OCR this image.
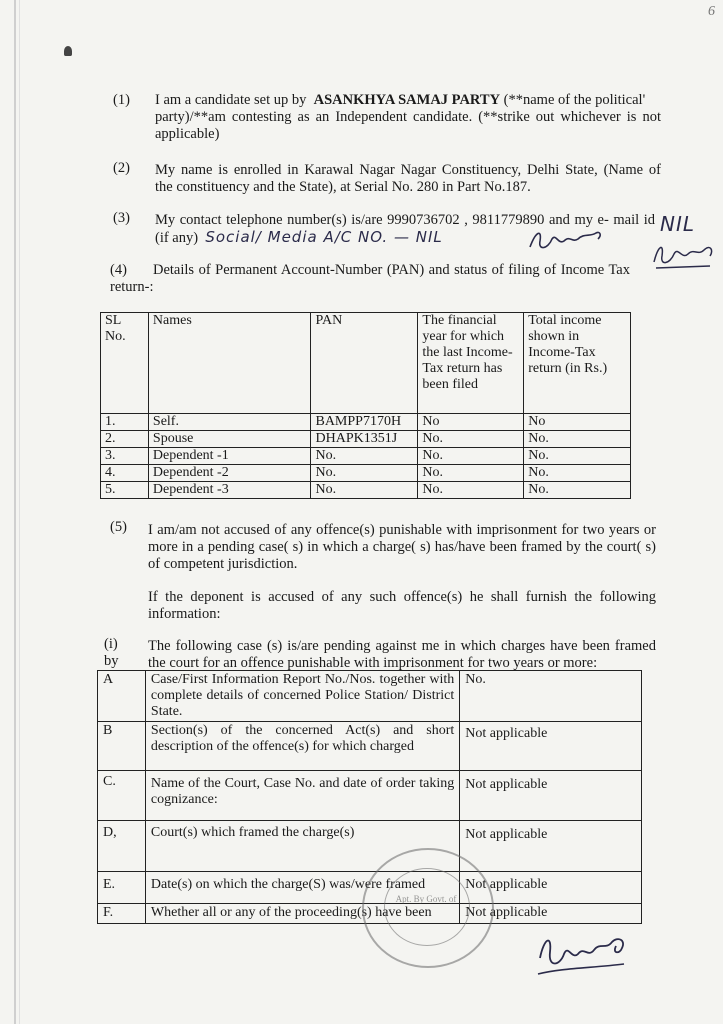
6
(1) I am a candidate set up by ASANKHYA SAMAJ PARTY (**name of the political'
party)/**am contesting as an Independent candidate. (**strike out whichever is not
applicable)
(2) My name is enrolled in Karawal Nagar Nagar Constituency, Delhi State, (Name of
the constituency and the State), at Serial No. 280 in Part No.187.
(3) My contact telephone number(s) is/are 9990736702 , 9811779890 and my e- mail id
(if any) Social/ Media A/C NO. — NIL
NIL
(4)	Details of Permanent Account-Number (PAN) and status of filing of Income Tax
return-:
SL No.	Names	PAN	The financial year for which the last Income-Tax return has been filed	Total income shown in Income-Tax return (in Rs.)
1.	Self.	BAMPP7170H	No	No
2.	Spouse	DHAPK1351J	No.	No.
3.	Dependent -1	No.	No.	No.
4.	Dependent -2	No.	No.	No.
5.	Dependent -3	No.	No.	No.
(5) I am/am not accused of any offence(s) punishable with imprisonment for two years or
more in a pending case( s) in which a charge( s) has/have been framed by the court( s)
of competent jurisdiction.
If the deponent is accused of any such offence(s) he shall furnish the following
information:
(i)
by
The following case (s) is/are pending against me in which charges have been framed
the court for an offence punishable with imprisonment for two years or more:
A	Case/First Information Report No./Nos. together with complete details of concerned Police Station/ District State.	No.
B	Section(s) of the concerned Act(s) and short description of the offence(s) for which charged	Not applicable
C.	Name of the Court, Case No. and date of order taking cognizance:	Not applicable
D,	Court(s) which framed the charge(s)	Not applicable
E.	Date(s) on which the charge(S) was/were framed	Not applicable
F.	Whether all or any of the proceeding(s) have been	Not applicable
Apt. By Govt. of
